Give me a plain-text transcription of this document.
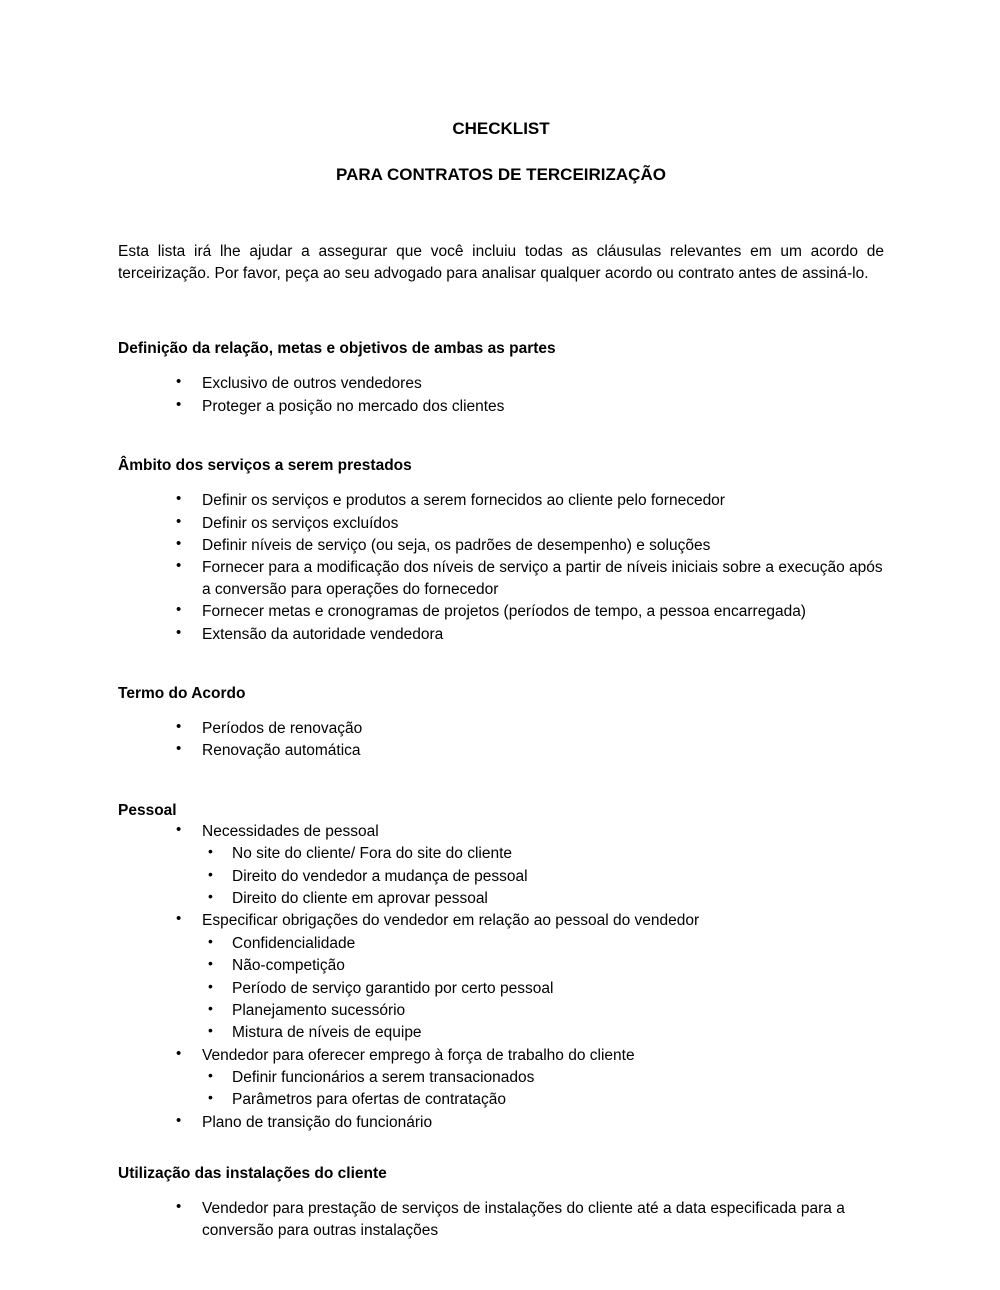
CHECKLIST
PARA CONTRATOS DE TERCEIRIZAÇÃO

Esta lista irá lhe ajudar a assegurar que você incluiu todas as cláusulas relevantes em um acordo de terceirização. Por favor, peça ao seu advogado para analisar qualquer acordo ou contrato antes de assiná-lo.

Definição da relação, metas e objetivos de ambas as partes
• Exclusivo de outros vendedores
• Proteger a posição no mercado dos clientes
Âmbito dos serviços a serem prestados
• Definir os serviços e produtos a serem fornecidos ao cliente pelo fornecedor
• Definir os serviços excluídos
• Definir níveis de serviço (ou seja, os padrões de desempenho) e soluções
• Fornecer para a modificação dos níveis de serviço a partir de níveis iniciais sobre a execução após a conversão para operações do fornecedor
• Fornecer metas e cronogramas de projetos (períodos de tempo, a pessoa encarregada)
• Extensão da autoridade vendedora
Termo do Acordo
• Períodos de renovação
• Renovação automática
Pessoal
• Necessidades de pessoal
• No site do cliente/ Fora do site do cliente
• Direito do vendedor a mudança de pessoal
• Direito do cliente em aprovar pessoal
• Especificar obrigações do vendedor em relação ao pessoal do vendedor
• Confidencialidade
• Não-competição
• Período de serviço garantido por certo pessoal
• Planejamento sucessório
• Mistura de níveis de equipe
• Vendedor para oferecer emprego à força de trabalho do cliente
• Definir funcionários a serem transacionados
• Parâmetros para ofertas de contratação
• Plano de transição do funcionário
Utilização das instalações do cliente
• Vendedor para prestação de serviços de instalações do cliente até a data especificada para a conversão para outras instalações
